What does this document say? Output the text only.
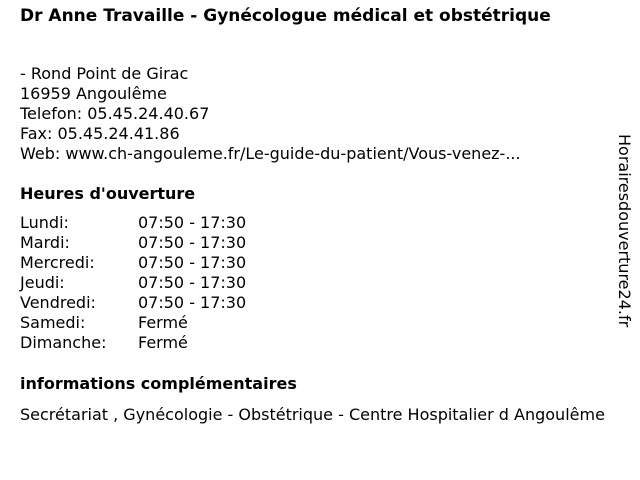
Dr Anne Travaille - Gynécologue médical et obstétrique
- Rond Point de Girac
16959 Angoulême
Telefon: 05.45.24.40.67
Fax: 05.45.24.41.86
Web: www.ch-angouleme.fr/Le-guide-du-patient/Vous-venez-...
Heures d'ouverture
Lundi:	07:50 - 17:30
Mardi:	07:50 - 17:30
Mercredi:	07:50 - 17:30
Jeudi:	07:50 - 17:30
Vendredi:	07:50 - 17:30
Samedi:	Fermé
Dimanche: Fermé
informations complémentaires
Secrétariat , Gynécologie - Obstétrique - Centre Hospitalier d Angoulême
Horairesdouverture24.fr
